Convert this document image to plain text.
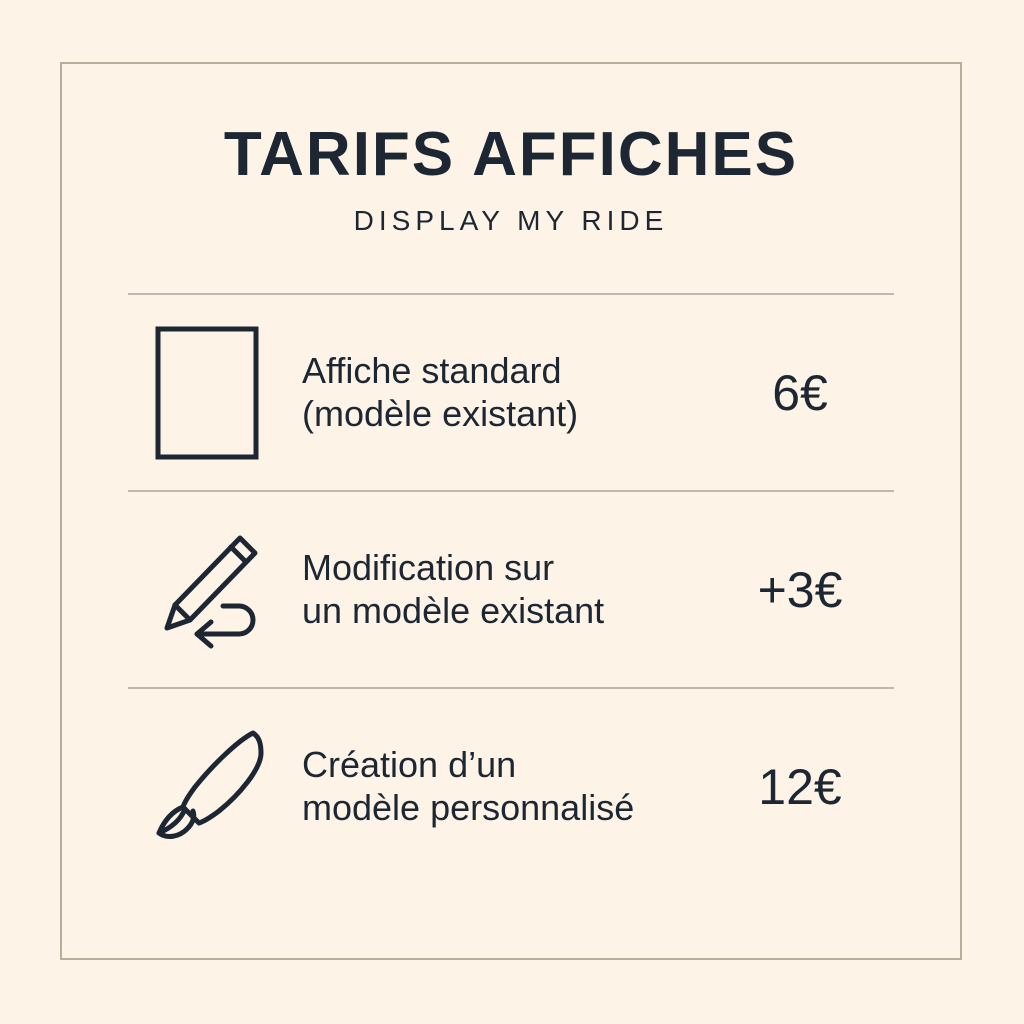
TARIFS AFFICHES
DISPLAY MY RIDE
Affiche standard
(modèle existant)	6€
Modification sur
un modèle existant	+3€
Création d’un
modèle personnalisé	12€
